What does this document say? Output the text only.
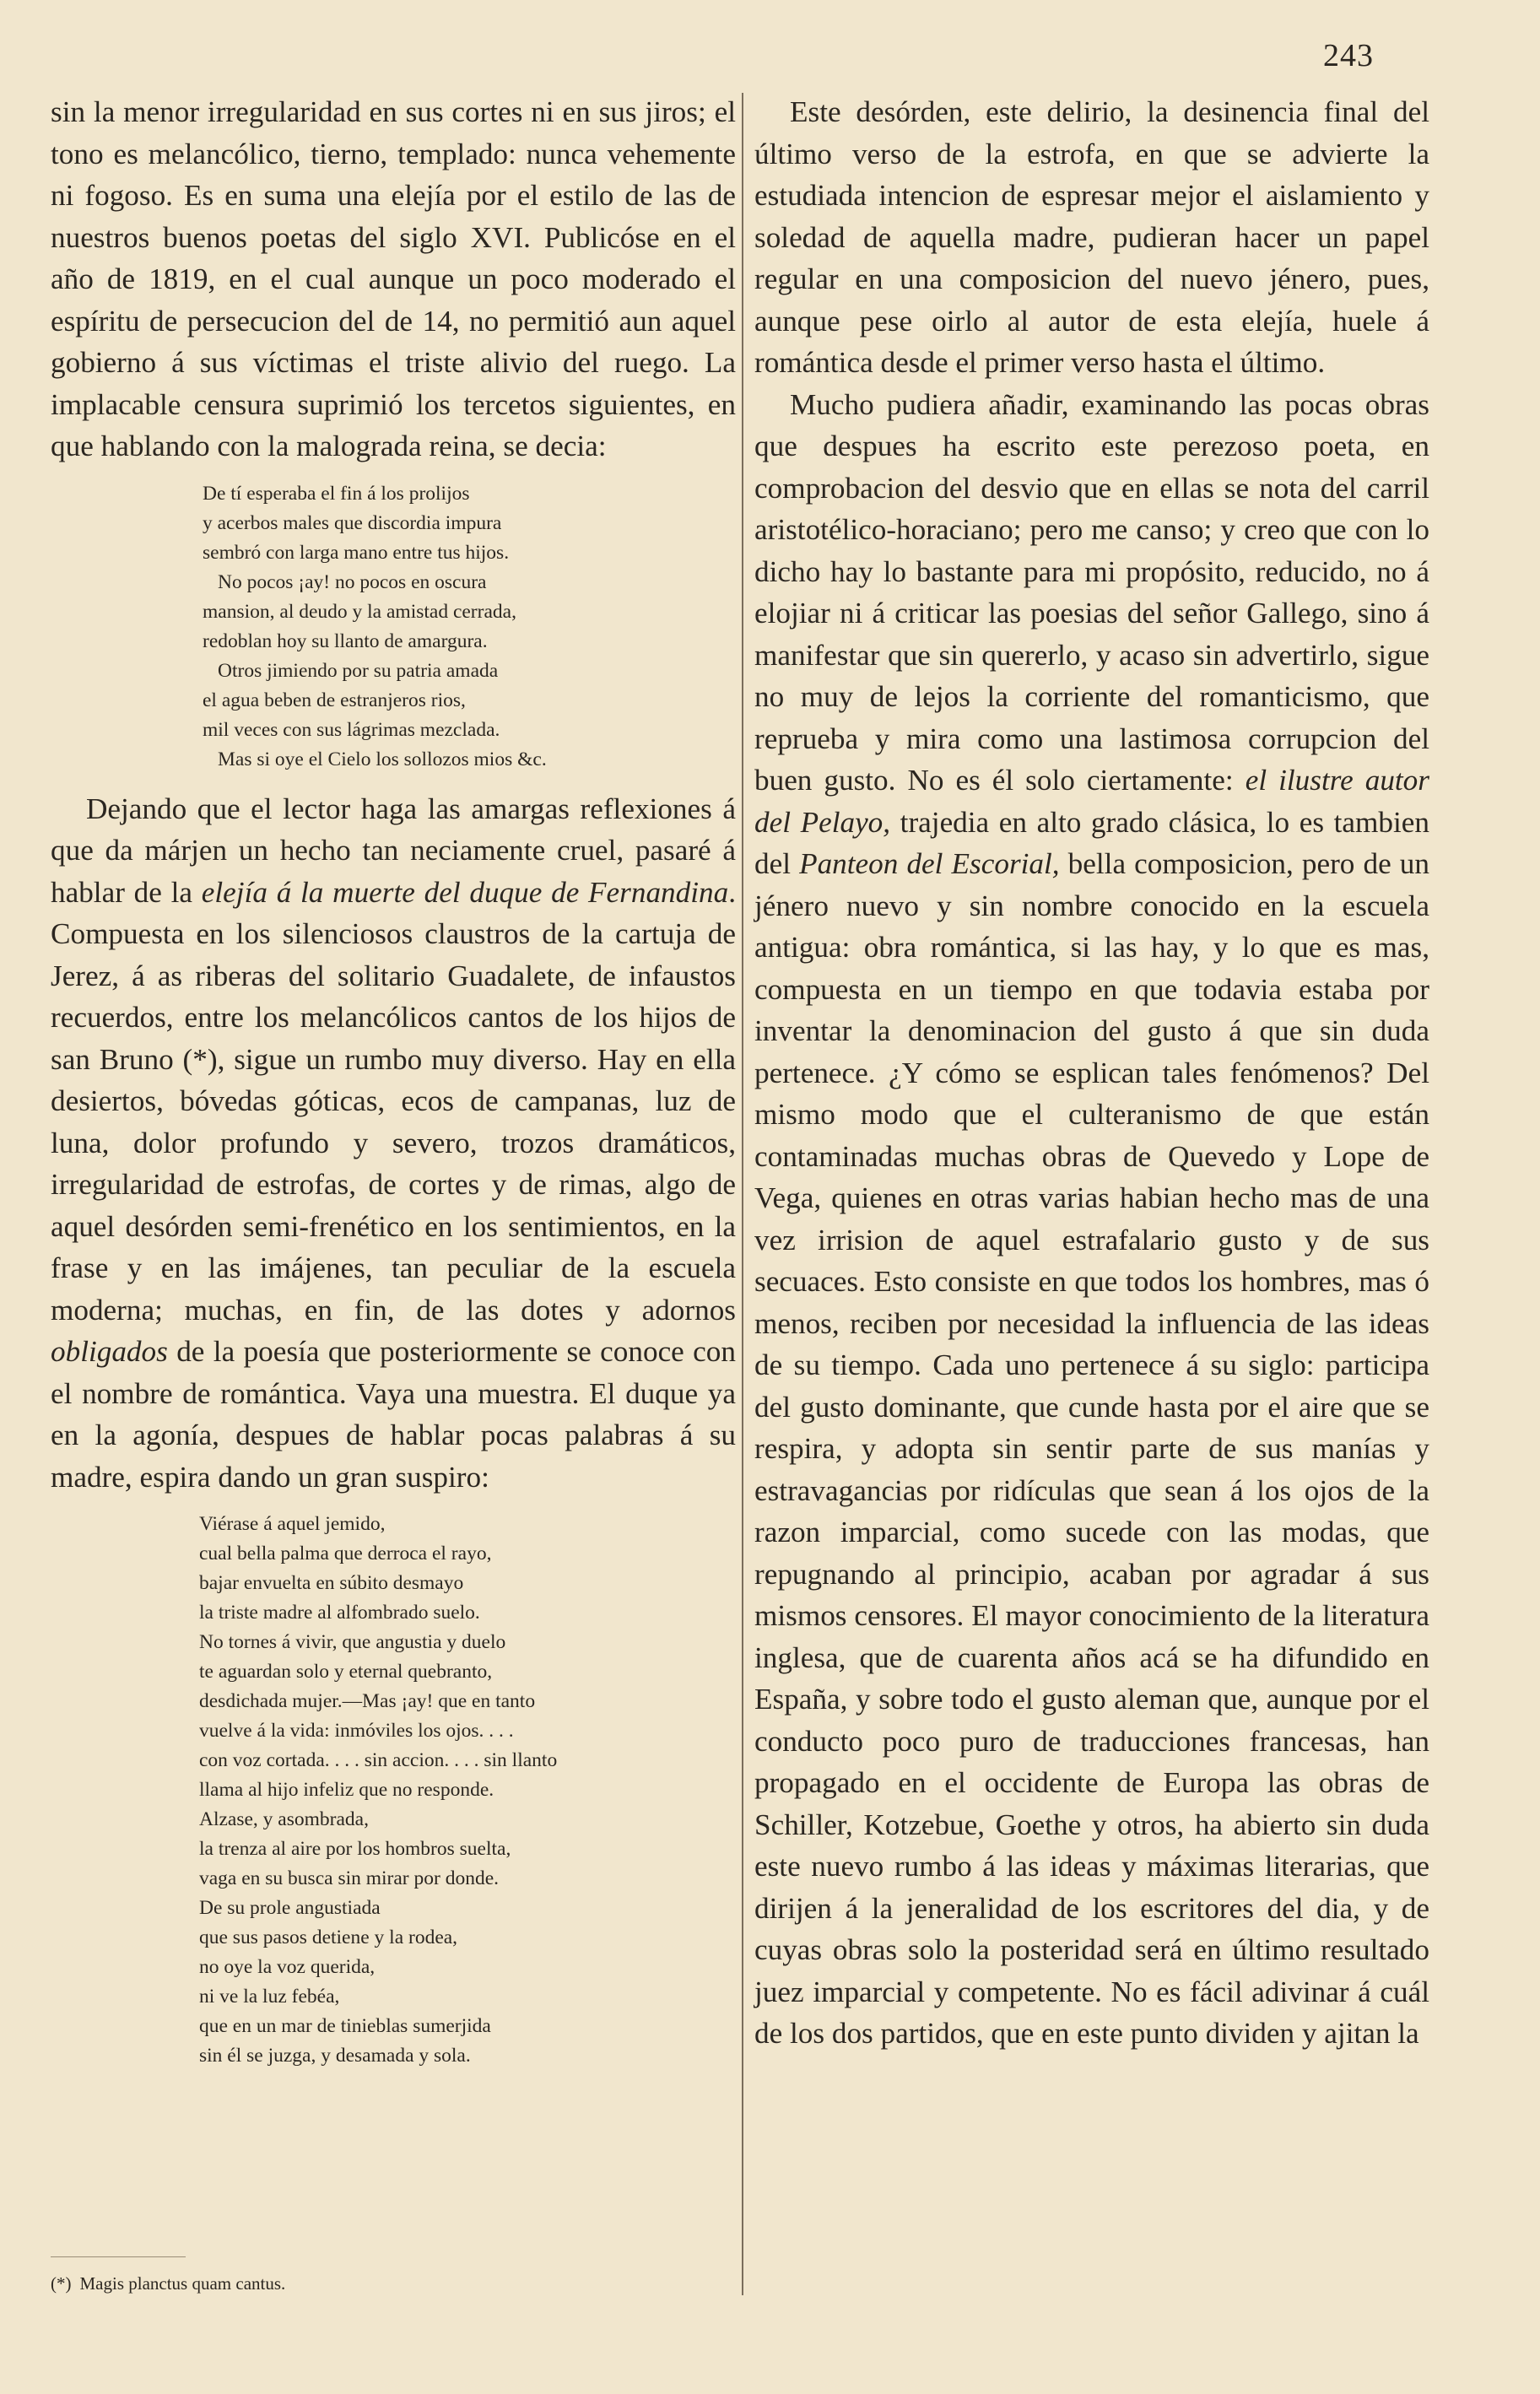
243

sin la menor irregularidad en sus cortes ni en sus jiros; el tono es melancólico, tierno, templado: nunca vehemente ni fogoso. Es en suma una elejía por el estilo de las de nuestros buenos poetas del siglo XVI. Publicóse en el año de 1819, en el cual aunque un poco moderado el espíritu de persecucion del de 14, no permitió aun aquel gobierno á sus víctimas el triste alivio del ruego. La implacable censura suprimió los tercetos siguientes, en que hablando con la malograda reina, se decia:

De tí esperaba el fin á los prolijos
y acerbos males que discordia impura
sembró con larga mano entre tus hijos.
No pocos ¡ay! no pocos en oscura
mansion, al deudo y la amistad cerrada,
redoblan hoy su llanto de amargura.
Otros jimiendo por su patria amada
el agua beben de estranjeros rios,
mil veces con sus lágrimas mezclada.
Mas si oye el Cielo los sollozos mios &c.

Dejando que el lector haga las amargas reflexiones á que da márjen un hecho tan neciamente cruel, pasaré á hablar de la elejía á la muerte del duque de Fernandina. Compuesta en los silenciosos claustros de la cartuja de Jerez, á as riberas del solitario Guadalete, de infaustos recuerdos, entre los melancólicos cantos de los hijos de san Bruno (*), sigue un rumbo muy diverso. Hay en ella desiertos, bóvedas góticas, ecos de campanas, luz de luna, dolor profundo y severo, trozos dramáticos, irregularidad de estrofas, de cortes y de rimas, algo de aquel desórden semi-frenético en los sentimientos, en la frase y en las imájenes, tan peculiar de la escuela moderna; muchas, en fin, de las dotes y adornos obligados de la poesía que posteriormente se conoce con el nombre de romántica. Vaya una muestra. El duque ya en la agonía, despues de hablar pocas palabras á su madre, espira dando un gran suspiro:

Viérase á aquel jemido,
cual bella palma que derroca el rayo,
bajar envuelta en súbito desmayo
la triste madre al alfombrado suelo.
No tornes á vivir, que angustia y duelo
te aguardan solo y eternal quebranto,
desdichada mujer.—Mas ¡ay! que en tanto
vuelve á la vida: inmóviles los ojos. . . .
con voz cortada. . . . sin accion. . . . sin llanto
llama al hijo infeliz que no responde.
Alzase, y asombrada,
la trenza al aire por los hombros suelta,
vaga en su busca sin mirar por donde.
De su prole angustiada
que sus pasos detiene y la rodea,
no oye la voz querida,
ni ve la luz febéa,
que en un mar de tinieblas sumerjida
sin él se juzga, y desamada y sola.
(*) Magis planctus quam cantus.

Este desórden, este delirio, la desinencia final del último verso de la estrofa, en que se advierte la estudiada intencion de espresar mejor el aislamiento y soledad de aquella madre, pudieran hacer un papel regular en una composicion del nuevo jénero, pues, aunque pese oirlo al autor de esta elejía, huele á romántica desde el primer verso hasta el último.

Mucho pudiera añadir, examinando las pocas obras que despues ha escrito este perezoso poeta, en comprobacion del desvio que en ellas se nota del carril aristotélico-horaciano; pero me canso; y creo que con lo dicho hay lo bastante para mi propósito, reducido, no á elojiar ni á criticar las poesias del señor Gallego, sino á manifestar que sin quererlo, y acaso sin advertirlo, sigue no muy de lejos la corriente del romanticismo, que reprueba y mira como una lastimosa corrupcion del buen gusto. No es él solo ciertamente: el ilustre autor del Pelayo, trajedia en alto grado clásica, lo es tambien del Panteon del Escorial, bella composicion, pero de un jénero nuevo y sin nombre conocido en la escuela antigua: obra romántica, si las hay, y lo que es mas, compuesta en un tiempo en que todavia estaba por inventar la denominacion del gusto á que sin duda pertenece. ¿Y cómo se esplican tales fenómenos? Del mismo modo que el culteranismo de que están contaminadas muchas obras de Quevedo y Lope de Vega, quienes en otras varias habian hecho mas de una vez irrision de aquel estrafalario gusto y de sus secuaces. Esto consiste en que todos los hombres, mas ó menos, reciben por necesidad la influencia de las ideas de su tiempo. Cada uno pertenece á su siglo: participa del gusto dominante, que cunde hasta por el aire que se respira, y adopta sin sentir parte de sus manías y estravagancias por ridículas que sean á los ojos de la razon imparcial, como sucede con las modas, que repugnando al principio, acaban por agradar á sus mismos censores. El mayor conocimiento de la literatura inglesa, que de cuarenta años acá se ha difundido en España, y sobre todo el gusto aleman que, aunque por el conducto poco puro de traducciones francesas, han propagado en el occidente de Europa las obras de Schiller, Kotzebue, Goethe y otros, ha abierto sin duda este nuevo rumbo á las ideas y máximas literarias, que dirijen á la jeneralidad de los escritores del dia, y de cuyas obras solo la posteridad será en último resultado juez imparcial y competente. No es fácil adivinar á cuál de los dos partidos, que en este punto dividen y ajitan la
